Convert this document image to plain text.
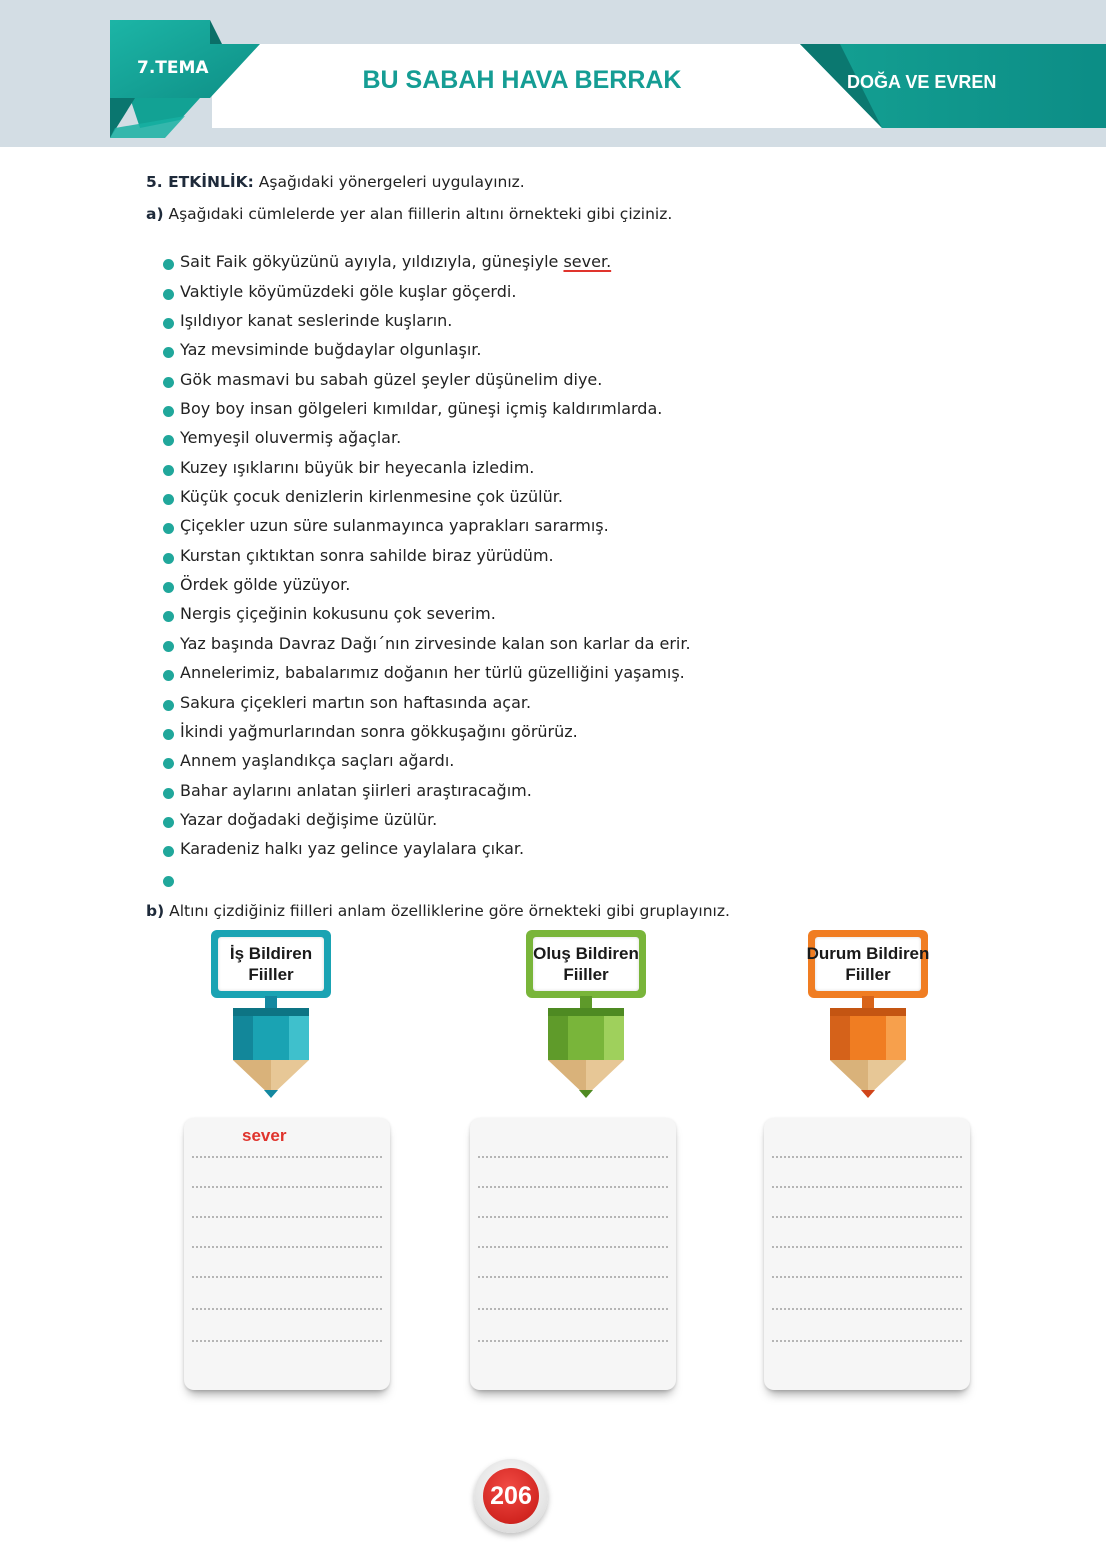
7.TEMA	BU SABAH HAVA BERRAK	DOĞA VE EVREN
5. ETKİNLİK: Aşağıdaki yönergeleri uygulayınız.
a) Aşağıdaki cümlelerde yer alan fiillerin altını örnekteki gibi çiziniz.
Sait Faik gökyüzünü ayıyla, yıldızıyla, güneşiyle sever.
Vaktiyle köyümüzdeki göle kuşlar göçerdi.
Işıldıyor kanat seslerinde kuşların.
Yaz mevsiminde buğdaylar olgunlaşır.
Gök masmavi bu sabah güzel şeyler düşünelim diye.
Boy boy insan gölgeleri kımıldar, güneşi içmiş kaldırımlarda.
Yemyeşil oluvermiş ağaçlar.
Kuzey ışıklarını büyük bir heyecanla izledim.
Küçük çocuk denizlerin kirlenmesine çok üzülür.
Çiçekler uzun süre sulanmayınca yaprakları sararmış.
Kurstan çıktıktan sonra sahilde biraz yürüdüm.
Ördek gölde yüzüyor.
Nergis çiçeğinin kokusunu çok severim.
Yaz başında Davraz Dağı´nın zirvesinde kalan son karlar da erir.
Annelerimiz, babalarımız doğanın her türlü güzelliğini yaşamış.
Sakura çiçekleri martın son haftasında açar.
İkindi yağmurlarından sonra gökkuşağını görürüz.
Annem yaşlandıkça saçları ağardı.
Bahar aylarını anlatan şiirleri araştıracağım.
Yazar doğadaki değişime üzülür.
Karadeniz halkı yaz gelince yaylalara çıkar.
b) Altını çizdiğiniz fiilleri anlam özelliklerine göre örnekteki gibi gruplayınız.
İş Bildiren
Fiiller
sever
Oluş Bildiren
Fiiller
Durum Bildiren
Fiiller
206
